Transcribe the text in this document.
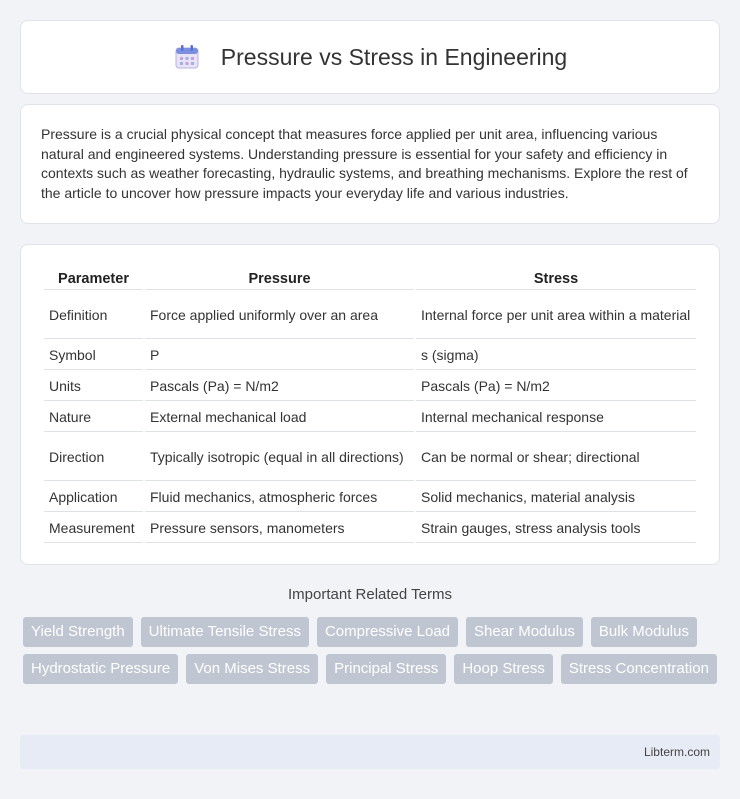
Pressure vs Stress in Engineering

Pressure is a crucial physical concept that measures force applied per unit area, influencing various natural and engineered systems. Understanding pressure is essential for your safety and efficiency in contexts such as weather forecasting, hydraulic systems, and breathing mechanisms. Explore the rest of the article to uncover how pressure impacts your everyday life and various industries.

Parameter	Pressure	Stress
Definition	Force applied uniformly over an area	Internal force per unit area within a material
Symbol	P	s (sigma)
Units	Pascals (Pa) = N/m2	Pascals (Pa) = N/m2
Nature	External mechanical load	Internal mechanical response
Direction	Typically isotropic (equal in all directions)	Can be normal or shear; directional
Application	Fluid mechanics, atmospheric forces	Solid mechanics, material analysis
Measurement	Pressure sensors, manometers	Strain gauges, stress analysis tools
Important Related Terms
Yield Strength	Ultimate Tensile Stress	Compressive Load	Shear Modulus	Bulk Modulus
Hydrostatic Pressure	Von Mises Stress	Principal Stress	Hoop Stress	Stress Concentration
Libterm.com
